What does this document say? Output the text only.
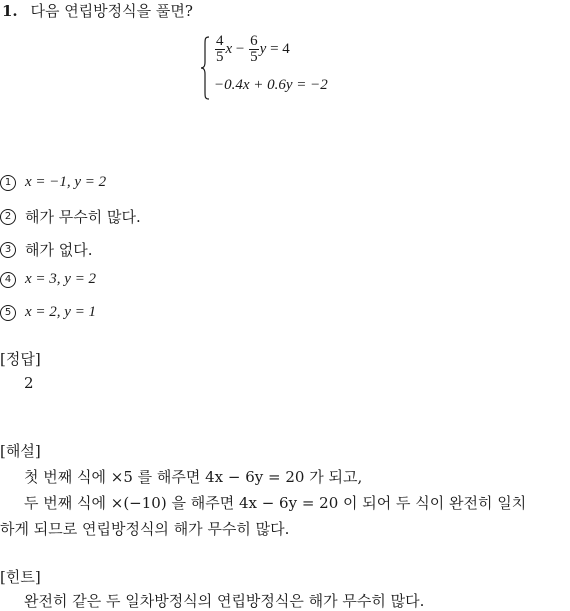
1. 다음 연립방정식을 풀면?
$\frac{4}{5}$ $x - \frac{6}{5}$ y = 4
−0.4x + 0.6y = −2
1 x = −1, y = 2
2 해가 무수히 많다.
3 해가 없다.
4 x = 3, y = 2
5 x = 2, y = 1
[정답]
2
[해설]
첫 번째 식에 ×5 를 해주면 4x − 6y = 20 가 되고,
두 번째 식에 ×(−10) 을 해주면 4x − 6y = 20 이 되어 두 식이 완전히 일치
하게 되므로 연립방정식의 해가 무수히 많다.
[힌트]
완전히 같은 두 일차방정식의 연립방정식은 해가 무수히 많다.
